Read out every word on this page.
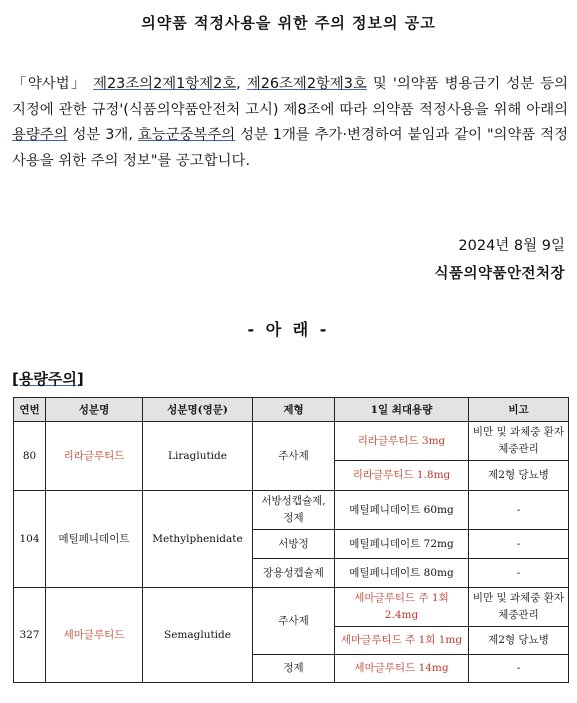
의약품 적정사용을 위한 주의 정보의 공고
「약사법」 제23조의2제1항제2호, 제26조제2항제3호 및 '의약품 병용금기 성분 등의 지정에 관한 규정'(식품의약품안전처 고시) 제8조에 따라 의약품 적정사용을 위해 아래의 용량주의 성분 3개, 효능군중복주의 성분 1개를 추가·변경하여 붙임과 같이 "의약품 적정사용을 위한 주의 정보"를 공고합니다.
2024년 8월 9일
식품의약품안전처장
- 아 래 -
[용량주의]
연번	성분명	성분명(영문)	제형	1일 최대용량	비고
80	리라글루티드	Liraglutide	주사제	리라글루티드 3mg	비만 및 과체중 환자 체중관리
				리라글루티드 1.8mg	제2형 당뇨병
104	메틸페니데이트	Methylphenidate	서방성캡슐제, 정제	메틸페니데이트 60mg	-
			서방정	메틸페니데이트 72mg	-
			장용성캡슐제	메틸페니데이트 80mg	-
327	세마글루티드	Semaglutide	주사제	세마글루티드 주 1회 2.4mg	비만 및 과체중 환자 체중관리
				세마글루티드 주 1회 1mg	제2형 당뇨병
			정제	세마글루티드 14mg	-
